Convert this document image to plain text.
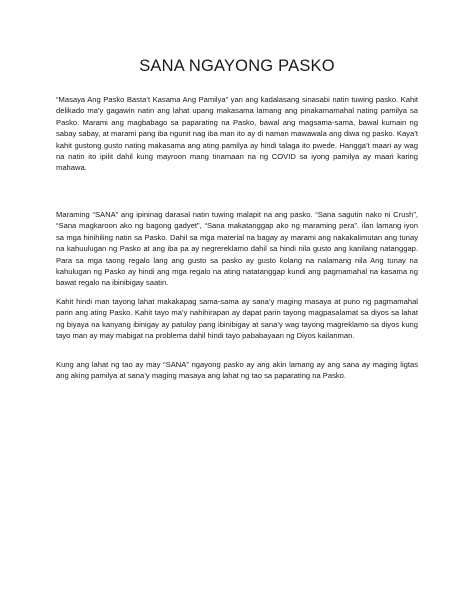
SANA NGAYONG PASKO

“Masaya Ang Pasko Basta’t Kasama Ang Pamilya” yan ang kadalasang sinasabi natin tuwing pasko. Kahit delikado ma’y gagawin natin ang lahat upang makasama lamang ang pinakamamahal nating pamilya sa Pasko. Marami ang magbabago sa paparating na Pasko, bawal ang magsama-sama, bawal kumain ng sabay sabay, at marami pang iba ngunit nag iba man ito ay di naman mawawala ang diwa ng pasko. Kaya’t kahit gustong gusto nating makasama ang ating pamilya ay hindi talaga ito pwede. Hangga’t maari ay wag na natin ito ipilit dahil kung mayroon mang tinamaan na ng COVID sa iyong pamilya ay maari karing mahawa.

Maraming “SANA” ang ipininag darasal natin tuwing malapit na ang pasko. “Sana sagutin nako ni Crush”, “Sana magkaroon ako ng bagong gadyet”, “Sana makatanggap ako ng maraming pera”. ilan lamang iyon sa mga hinihiling natin sa Pasko. Dahil sa mga material na bagay ay marami ang nakakalimutan ang tunay na kahuulugan ng Pasko at ang iba pa ay negrereklamo dahil sa hindi nila gusto ang kanilang natanggap. Para sa mga taong regalo lang ang gusto sa pasko ay gusto kolang na nalamang nila Ang tunay na kahulugan ng Pasko ay hindi ang mga regalo na ating natatanggap kundi ang pagmamahal na kasama ng bawat regalo na ibinibigay saatin.

Kahit hindi man tayong lahat makakapag sama-sama ay sana’y maging masaya at puno ng pagmamahal parin ang ating Pasko. Kahit tayo ma’y nahihirapan ay dapat parin tayong magpasalamat sa diyos sa lahat ng biyaya na kanyang ibinigay ay patuloy pang ibinibigay at sana’y wag tayong magreklamo sa diyos kung tayo man ay may mabigat na problema dahil hindi tayo pababayaan ng Diyos kailanman.

Kung ang lahat ng tao ay may “SANA” ngayong pasko ay ang akin lamang ay ang sana ay maging ligtas ang aking pamilya at sana’y maging masaya ang lahat ng tao sa paparating na Pasko.
